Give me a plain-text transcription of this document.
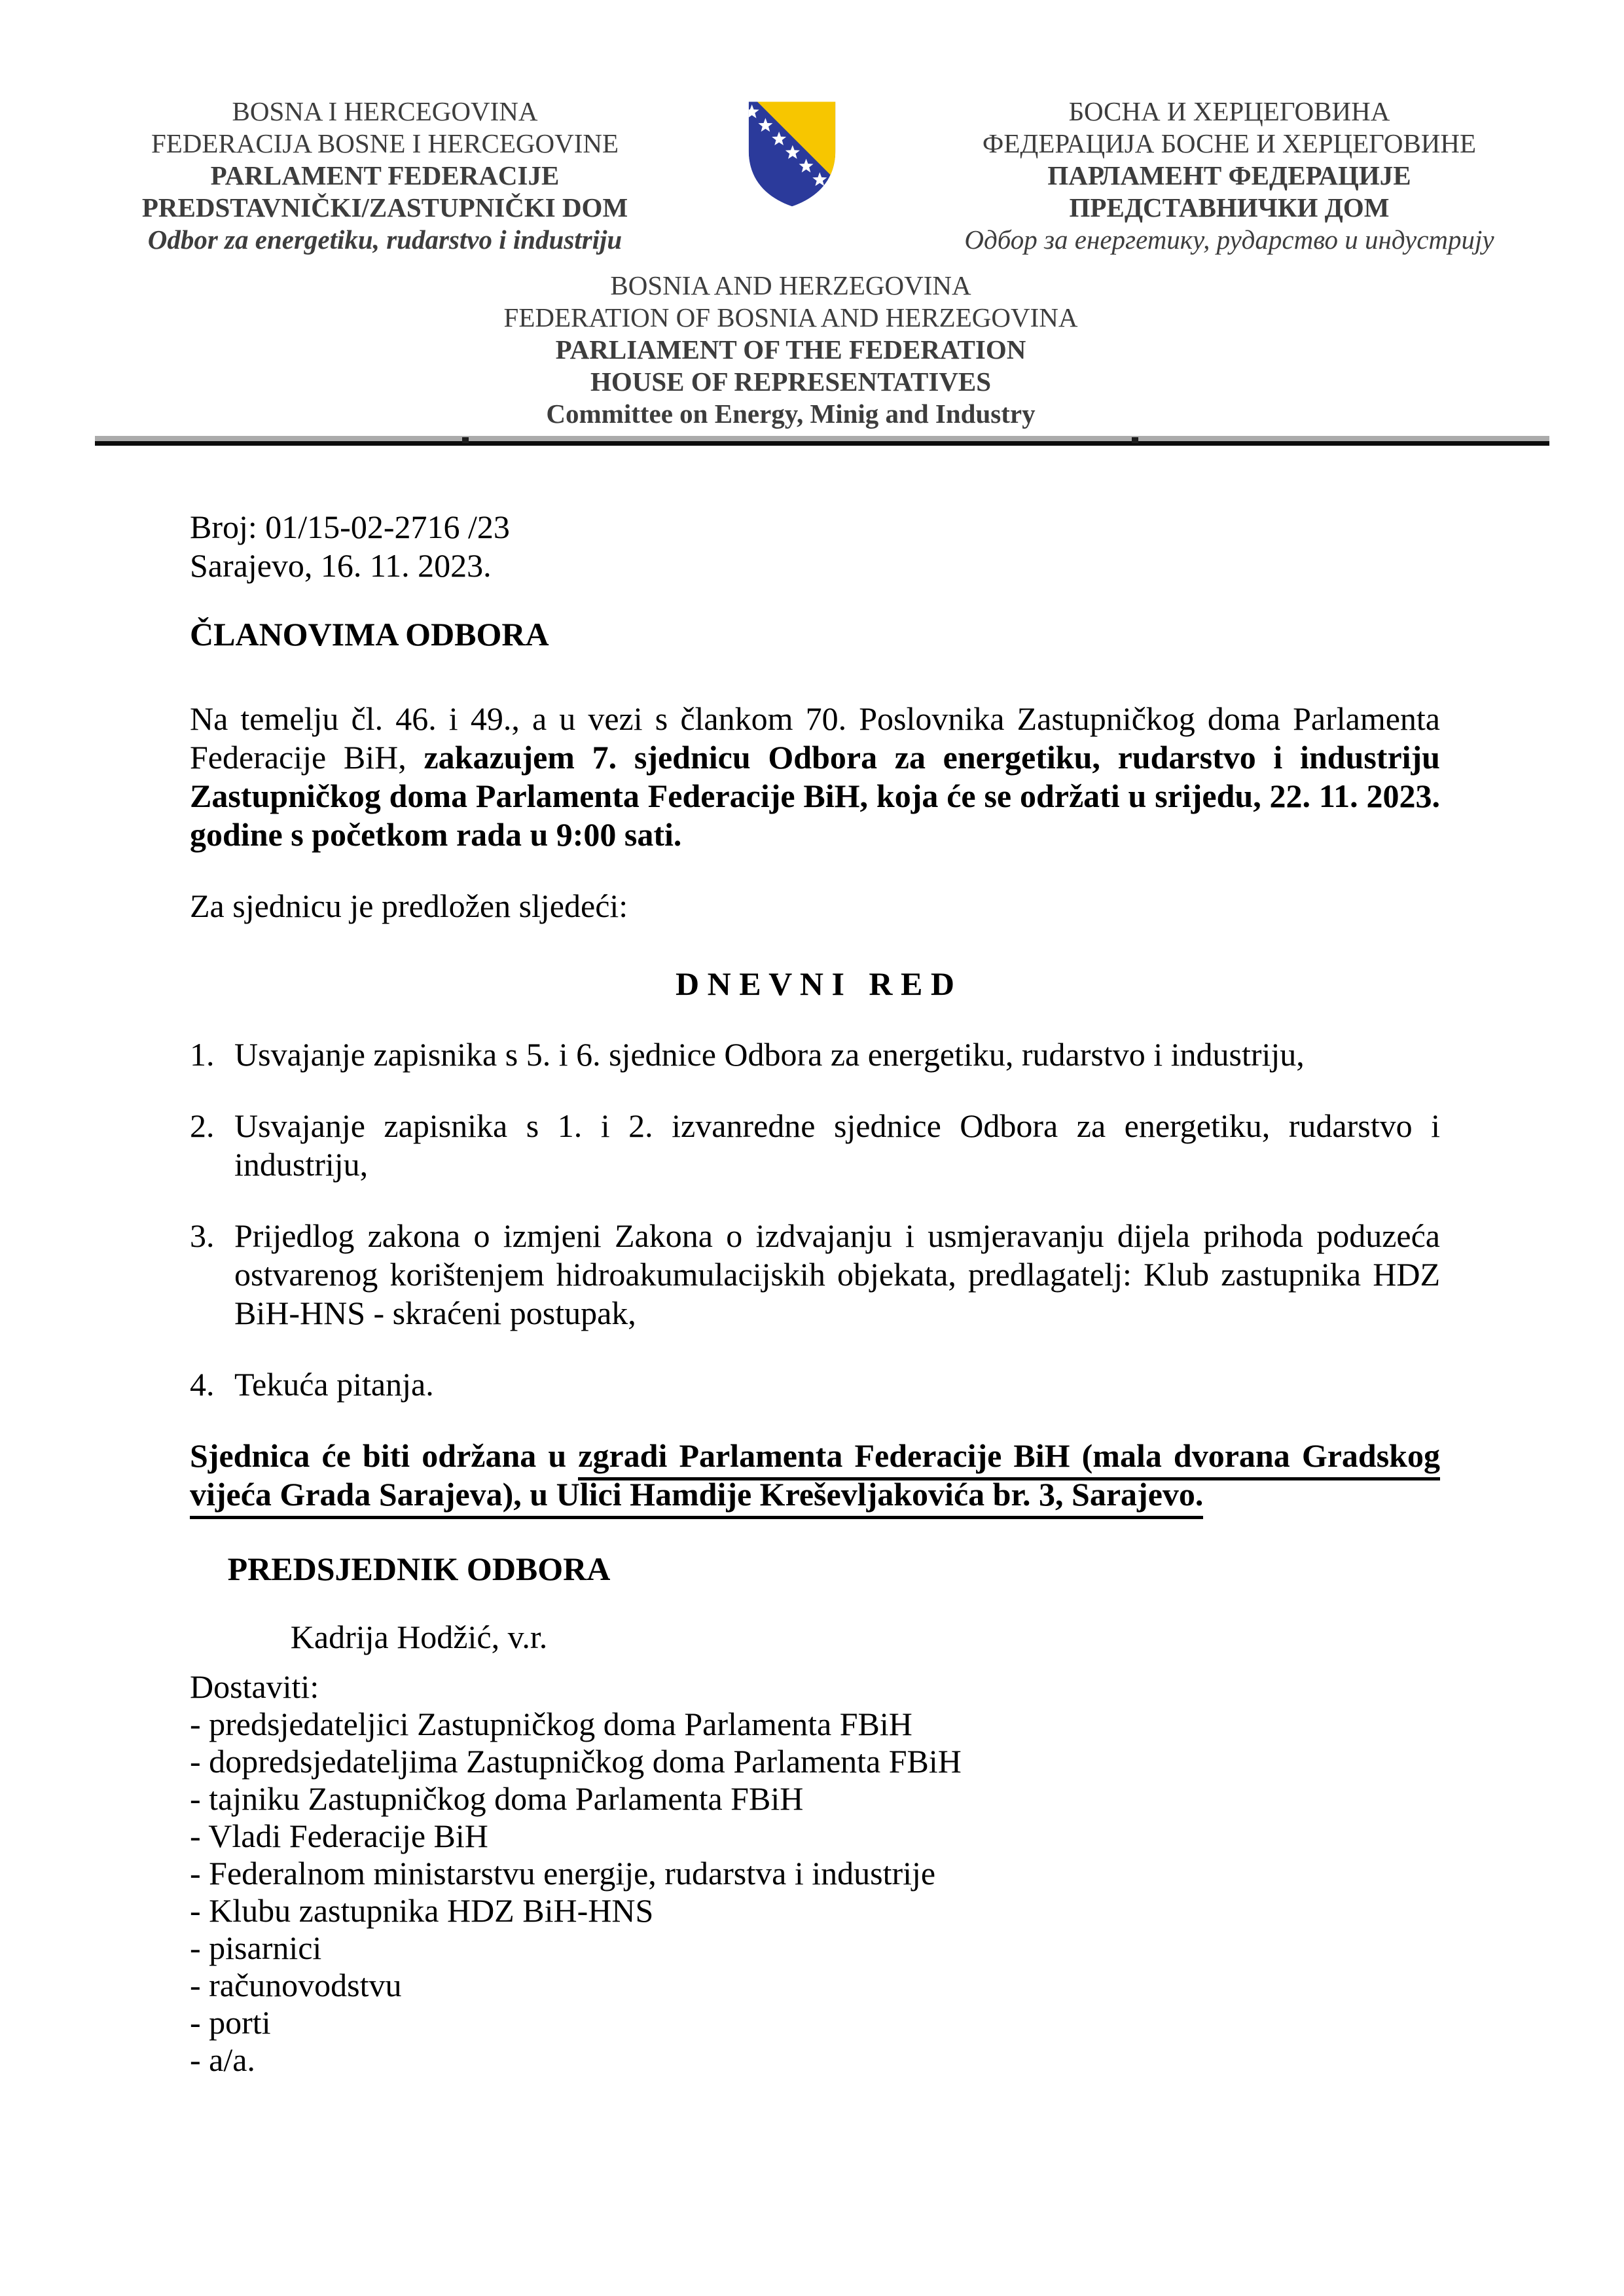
BOSNA I HERCEGOVINA
FEDERACIJA BOSNE I HERCEGOVINE
PARLAMENT FEDERACIJE
PREDSTAVNIČKI/ZASTUPNIČKI DOM
Odbor za energetiku, rudarstvo i industriju
БОСНА И ХЕРЦЕГОВИНА
ФЕДЕРАЦИЈА БОСНЕ И ХЕРЦЕГОВИНЕ
ПАРЛАМЕНТ ФЕДЕРАЦИЈЕ
ПРЕДСТАВНИЧКИ ДОМ
Одбор за енергетику, рударство и индустрију
BOSNIA AND HERZEGOVINA
FEDERATION OF BOSNIA AND HERZEGOVINA
PARLIAMENT OF THE FEDERATION
HOUSE OF REPRESENTATIVES
Committee on Energy, Minig and Industry
Broj: 01/15-02-2716 /23
Sarajevo, 16. 11. 2023.
ČLANOVIMA ODBORA

Na temelju čl. 46. i 49., a u vezi s člankom 70. Poslovnika Zastupničkog doma Parlamenta Federacije BiH, zakazujem 7. sjednicu Odbora za energetiku, rudarstvo i industriju Zastupničkog doma Parlamenta Federacije BiH, koja će se održati u srijedu, 22. 11. 2023. godine s početkom rada u 9:00 sati.

Za sjednicu je predložen sljedeći:
D N E V N I   R E D
1. Usvajanje zapisnika s 5. i 6. sjednice Odbora za energetiku, rudarstvo i industriju,
2. Usvajanje zapisnika s 1. i 2. izvanredne sjednice Odbora za energetiku, rudarstvo i industriju,
3. Prijedlog zakona o izmjeni Zakona o izdvajanju i usmjeravanju dijela prihoda poduzeća ostvarenog korištenjem hidroakumulacijskih objekata, predlagatelj: Klub zastupnika HDZ BiH-HNS - skraćeni postupak,
4. Tekuća pitanja.

Sjednica će biti održana u zgradi Parlamenta Federacije BiH (mala dvorana Gradskog vijeća Grada Sarajeva), u Ulici Hamdije Kreševljakovića br. 3, Sarajevo.

PREDSJEDNIK ODBORA
Kadrija Hodžić, v.r.
Dostaviti:
- predsjedateljici Zastupničkog doma Parlamenta FBiH
- dopredsjedateljima Zastupničkog doma Parlamenta FBiH
- tajniku Zastupničkog doma Parlamenta FBiH
- Vladi Federacije BiH
- Federalnom ministarstvu energije, rudarstva i industrije
- Klubu zastupnika HDZ BiH-HNS
- pisarnici
- računovodstvu
- porti
- a/a.
